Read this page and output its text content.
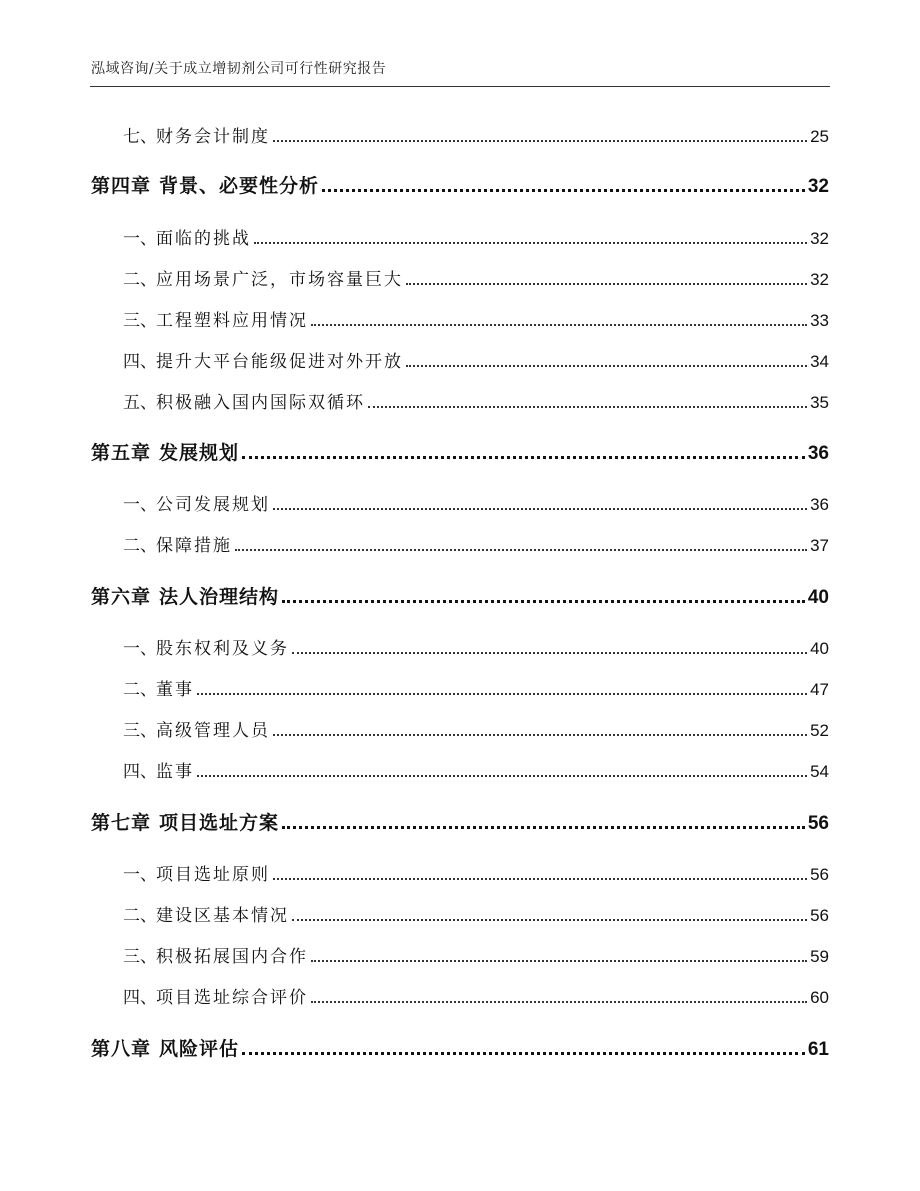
泓域咨询/关于成立增韧剂公司可行性研究报告
七、 财务会计制度	25
第四章 背景、必要性分析	32
一、 面临的挑战	32
二、 应用场景广泛，市场容量巨大	32
三、 工程塑料应用情况	33
四、 提升大平台能级促进对外开放	34
五、 积极融入国内国际双循环	35
第五章 发展规划	36
一、 公司发展规划	36
二、 保障措施	37
第六章 法人治理结构	40
一、 股东权利及义务	40
二、 董事	47
三、 高级管理人员	52
四、 监事	54
第七章 项目选址方案	56
一、 项目选址原则	56
二、 建设区基本情况	56
三、 积极拓展国内合作	59
四、 项目选址综合评价	60
第八章 风险评估	61
